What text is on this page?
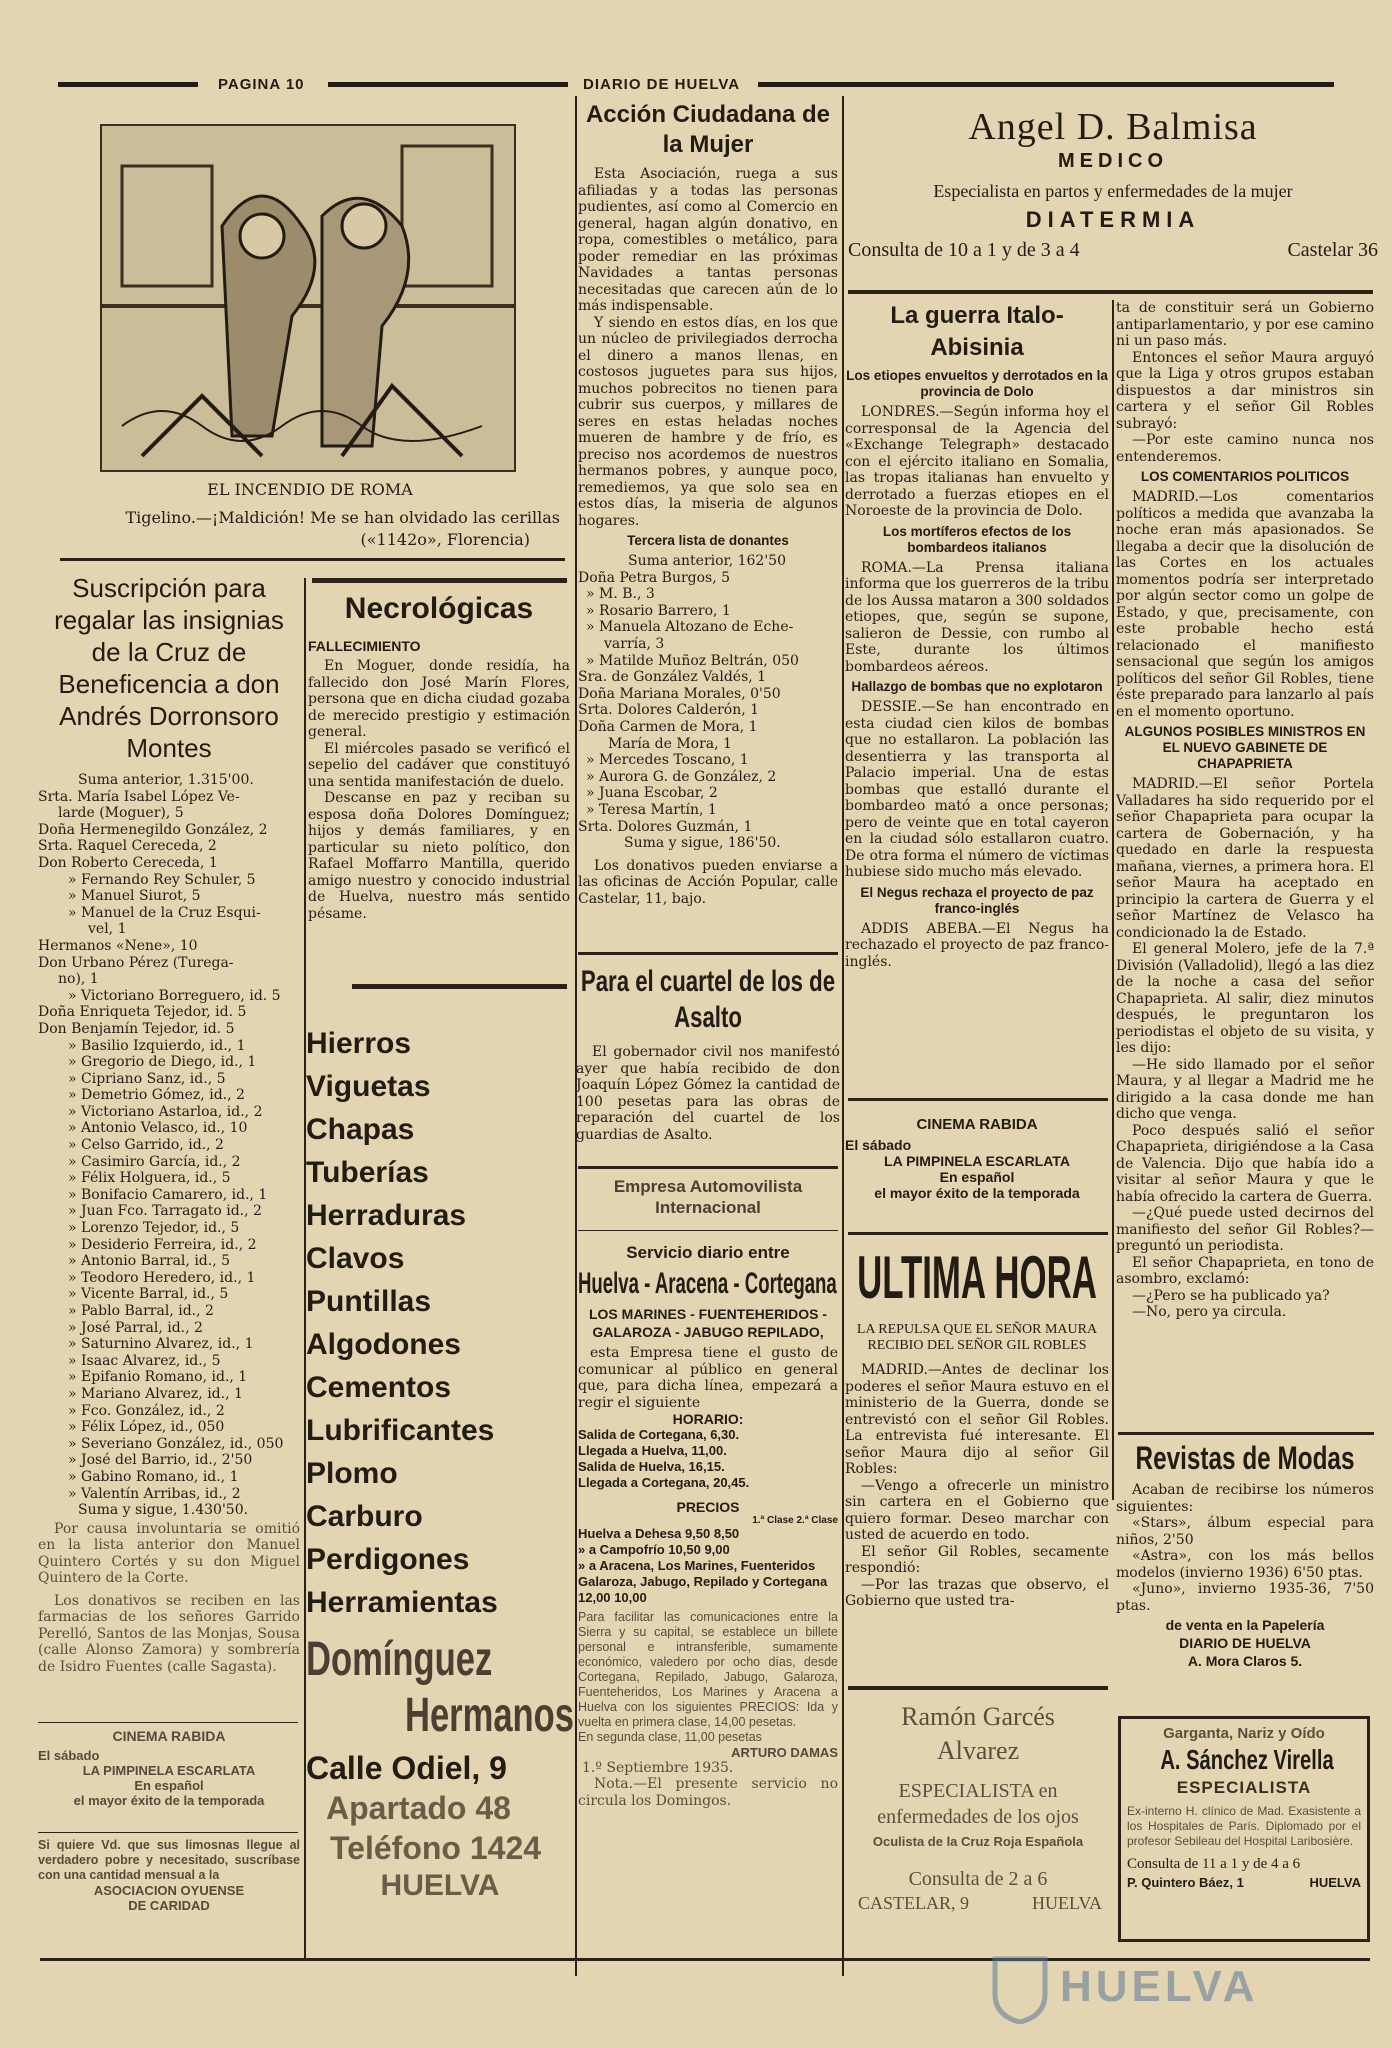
PAGINA 10	DIARIO DE HUELVA
EL INCENDIO DE ROMA
Tigelino.—¡Maldición! Me se han olvidado las cerillas
(«1142o», Florencia)
Suscripción para regalar las insignias de la Cruz de Beneficencia a don Andrés Dorronsoro Montes
Suma anterior, 1.315'00.
Srta. María Isabel López Ve-
larde (Moguer), 5
Doña Hermenegildo González, 2
Srta. Raquel Cereceda, 2
Don Roberto Cereceda, 1
» Fernando Rey Schuler, 5
» Manuel Siurot, 5
» Manuel de la Cruz Esqui-
vel, 1
Hermanos «Nene», 10
Don Urbano Pérez (Turega-
no), 1
» Victoriano Borreguero, id. 5
Doña Enriqueta Tejedor, id. 5
Don Benjamín Tejedor, id. 5
» Basilio Izquierdo, id., 1
» Gregorio de Diego, id., 1
» Cipriano Sanz, id., 5
» Demetrio Gómez, id., 2
» Victoriano Astarloa, id., 2
» Antonio Velasco, id., 10
» Celso Garrido, id., 2
» Casimiro García, id., 2
» Félix Holguera, id., 5
» Bonifacio Camarero, id., 1
» Juan Fco. Tarragato id., 2
» Lorenzo Tejedor, id., 5
» Desiderio Ferreira, id., 2
» Antonio Barral, id., 5
» Teodoro Heredero, id., 1
» Vicente Barral, id., 5
» Pablo Barral, id., 2
» José Parral, id., 2
» Saturnino Alvarez, id., 1
» Isaac Alvarez, id., 5
» Epifanio Romano, id., 1
» Mariano Alvarez, id., 1
» Fco. González, id., 2
» Félix López, id., 050
» Severiano González, id., 050
» José del Barrio, id., 2'50
» Gabino Romano, id., 1
» Valentín Arribas, id., 2
Suma y sigue, 1.430'50.
Por causa involuntaria se omitió en la lista anterior don Manuel Quintero Cortés y su don Miguel Quintero de la Corte.
Los donativos se reciben en las farmacias de los señores Garrido Perelló, Santos de las Monjas, Sousa (calle Alonso Zamora) y sombrería de Isidro Fuentes (calle Sagasta).
CINEMA RABIDA
El sábado
LA PIMPINELA ESCARLATA
En español
el mayor éxito de la temporada
Si quiere Vd. que sus limosnas llegue al verdadero pobre y necesitado, suscríbase con una cantidad mensual a la
ASOCIACION OYUENSE
DE CARIDAD
Necrológicas
FALLECIMIENTO

En Moguer, donde residía, ha fallecido don José Marín Flores, persona que en dicha ciudad gozaba de merecido prestigio y estimación general.

El miércoles pasado se verificó el sepelio del cadáver que constituyó una sentida manifestación de duelo.

Descanse en paz y reciban su esposa doña Dolores Domínguez; hijos y demás familiares, y en particular su nieto político, don Rafael Moffarro Mantilla, querido amigo nuestro y conocido industrial de Huelva, nuestro más sentido pésame.

Hierros
Viguetas
Chapas
Tuberías
Herraduras
Clavos
Puntillas
Algodones
Cementos
Lubrificantes
Plomo
Carburo
Perdigones
Herramientas
Domínguez
Hermanos
Calle Odiel, 9
Apartado 48
Teléfono 1424
HUELVA
Acción Ciudadana de la Mujer

Esta Asociación, ruega a sus afiliadas y a todas las personas pudientes, así como al Comercio en general, hagan algún donativo, en ropa, comestibles o metálico, para poder remediar en las próximas Navidades a tantas personas necesitadas que carecen aún de lo más indispensable.

Y siendo en estos días, en los que un núcleo de privilegiados derrocha el dinero a manos llenas, en costosos juguetes para sus hijos, muchos pobrecitos no tienen para cubrir sus cuerpos, y millares de seres en estas heladas noches mueren de hambre y de frío, es preciso nos acordemos de nuestros hermanos pobres, y aunque poco, remediemos, ya que solo sea en estos días, la miseria de algunos hogares.

Tercera lista de donantes
Suma anterior, 162'50
Doña Petra Burgos, 5
» M. B., 3
» Rosario Barrero, 1
» Manuela Altozano de Eche-
varría, 3
» Matilde Muñoz Beltrán, 050
Sra. de González Valdés, 1
Doña Mariana Morales, 0'50
Srta. Dolores Calderón, 1
Doña Carmen de Mora, 1
María de Mora, 1
» Mercedes Toscano, 1
» Aurora G. de González, 2
» Juana Escobar, 2
» Teresa Martín, 1
Srta. Dolores Guzmán, 1
Suma y sigue, 186'50.
Los donativos pueden enviarse a las oficinas de Acción Popular, calle Castelar, 11, bajo.
Para el cuartel de los de Asalto
El gobernador civil nos manifestó ayer que había recibido de don Joaquín López Gómez la cantidad de 100 pesetas para las obras de reparación del cuartel de los guardias de Asalto.
Empresa Automovilista Internacional
Servicio diario entre
Huelva - Aracena - Cortegana
LOS MARINES - FUENTEHERIDOS - GALAROZA - JABUGO REPILADO,
esta Empresa tiene el gusto de comunicar al público en general que, para dicha línea, empezará a regir el siguiente
HORARIO:
Salida de Cortegana, 6,30.
Llegada a Huelva, 11,00.
Salida de Huelva, 16,15.
Llegada a Cortegana, 20,45.
PRECIOS
1.ª Clase 2.ª Clase
Huelva a Dehesa 9,50 8,50
» a Campofrío 10,50 9,00
» a Aracena, Los Marines, Fuenteridos Galaroza, Jabugo, Repilado y Cortegana 12,00 10,00
Para facilitar las comunicaciones entre la Sierra y su capital, se establece un billete personal e intransferible, sumamente económico, valedero por ocho días, desde Cortegana, Repilado, Jabugo, Galaroza, Fuenteheridos, Los Marines y Aracena a Huelva con los siguientes PRECIOS: Ida y vuelta en primera clase, 14,00 pesetas.
En segunda clase, 11,00 pesetas
ARTURO DAMAS
1.º Septiembre 1935.
Nota.—El presente servicio no circula los Domingos.
Angel D. Balmisa
MEDICO
Especialista en partos y enfermedades de la mujer
DIATERMIA
Consulta de 10 a 1 y de 3 a 4	Castelar 36
La guerra Italo-Abisinia
Los etiopes envueltos y derrotados en la provincia de Dolo
LONDRES.—Según informa hoy el corresponsal de la Agencia del «Exchange Telegraph» destacado con el ejército italiano en Somalia, las tropas italianas han envuelto y derrotado a fuerzas etiopes en el Noroeste de la provincia de Dolo.
Los mortíferos efectos de los bombardeos italianos
ROMA.—La Prensa italiana informa que los guerreros de la tribu de los Aussa mataron a 300 soldados etiopes, que, según se supone, salieron de Dessie, con rumbo al Este, durante los últimos bombardeos aéreos.
Hallazgo de bombas que no explotaron
DESSIE.—Se han encontrado en esta ciudad cien kilos de bombas que no estallaron. La población las desentierra y las transporta al Palacio imperial. Una de estas bombas que estalló durante el bombardeo mató a once personas; pero de veinte que en total cayeron en la ciudad sólo estallaron cuatro. De otra forma el número de víctimas hubiese sido mucho más elevado.
El Negus rechaza el proyecto de paz franco-inglés
ADDIS ABEBA.—El Negus ha rechazado el proyecto de paz franco-inglés.
CINEMA RABIDA
El sábado
LA PIMPINELA ESCARLATA
En español
el mayor éxito de la temporada
ULTIMA HORA
LA REPULSA QUE EL SEÑOR MAURA RECIBIO DEL SEÑOR GIL ROBLES

MADRID.—Antes de declinar los poderes el señor Maura estuvo en el ministerio de la Guerra, donde se entrevistó con el señor Gil Robles. La entrevista fué interesante. El señor Maura dijo al señor Gil Robles:

—Vengo a ofrecerle un ministro sin cartera en el Gobierno que quiero formar. Deseo marchar con usted de acuerdo en todo.

El señor Gil Robles, secamente respondió:

—Por las trazas que observo, el Gobierno que usted tra-

Ramón Garcés
Alvarez
ESPECIALISTA en
enfermedades de los ojos
Oculista de la Cruz Roja Española
Consulta de 2 a 6
CASTELAR, 9	HUELVA

ta de constituir será un Gobierno antiparlamentario, y por ese camino ni un paso más.

Entonces el señor Maura arguyó que la Liga y otros grupos estaban dispuestos a dar ministros sin cartera y el señor Gil Robles subrayó:

—Por este camino nunca nos entenderemos.

LOS COMENTARIOS POLITICOS
MADRID.—Los comentarios políticos a medida que avanzaba la noche eran más apasionados. Se llegaba a decir que la disolución de las Cortes en los actuales momentos podría ser interpretado por algún sector como un golpe de Estado, y que, precisamente, con este probable hecho está relacionado el manifiesto sensacional que según los amigos políticos del señor Gil Robles, tiene éste preparado para lanzarlo al país en el momento oportuno.
ALGUNOS POSIBLES MINISTROS EN EL NUEVO GABINETE DE CHAPAPRIETA

MADRID.—El señor Portela Valladares ha sido requerido por el señor Chapaprieta para ocupar la cartera de Gobernación, y ha quedado en darle la respuesta mañana, viernes, a primera hora. El señor Maura ha aceptado en principio la cartera de Guerra y el señor Martínez de Velasco ha condicionado la de Estado.

El general Molero, jefe de la 7.ª División (Valladolid), llegó a las diez de la noche a casa del señor Chapaprieta. Al salir, diez minutos después, le preguntaron los periodistas el objeto de su visita, y les dijo:

—He sido llamado por el señor Maura, y al llegar a Madrid me he dirigido a la casa donde me han dicho que venga.

Poco después salió el señor Chapaprieta, dirigiéndose a la Casa de Valencia. Dijo que había ido a visitar al señor Maura y que le había ofrecido la cartera de Guerra.

—¿Qué puede usted decirnos del manifiesto del señor Gil Robles?—preguntó un periodista.

El señor Chapaprieta, en tono de asombro, exclamó:

—¿Pero se ha publicado ya?

—No, pero ya circula.

Revistas de Modas

Acaban de recibirse los números siguientes:

«Stars», álbum especial para niños, 2'50

«Astra», con los más bellos modelos (invierno 1936) 6'50 ptas.

«Juno», invierno 1935-36, 7'50 ptas.

de venta en la Papelería
DIARIO DE HUELVA
A. Mora Claros 5.
Garganta, Nariz y Oído
A. Sánchez Virella
ESPECIALISTA
Ex-interno H. clínico de Mad. Exasistente a los Hospitales de París. Diplomado por el profesor Sebileau del Hospital Laribosière.
Consulta de 11 a 1 y de 4 a 6
P. Quintero Báez, 1	HUELVA
HUELVA
